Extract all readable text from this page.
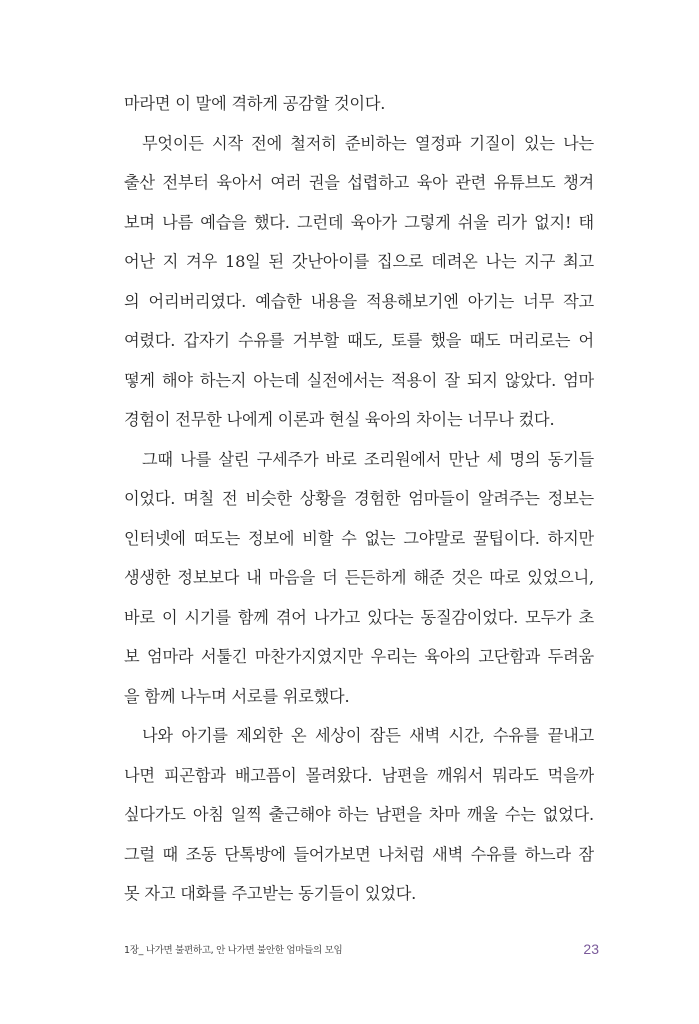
마라면 이 말에 격하게 공감할 것이다.
무엇이든 시작 전에 철저히 준비하는 열정파 기질이 있는 나는
출산 전부터 육아서 여러 권을 섭렵하고 육아 관련 유튜브도 챙겨
보며 나름 예습을 했다. 그런데 육아가 그렇게 쉬울 리가 없지! 태
어난 지 겨우 18일 된 갓난아이를 집으로 데려온 나는 지구 최고
의 어리버리였다. 예습한 내용을 적용해보기엔 아기는 너무 작고
여렸다. 갑자기 수유를 거부할 때도, 토를 했을 때도 머리로는 어
떻게 해야 하는지 아는데 실전에서는 적용이 잘 되지 않았다. 엄마
경험이 전무한 나에게 이론과 현실 육아의 차이는 너무나 컸다.
그때 나를 살린 구세주가 바로 조리원에서 만난 세 명의 동기들
이었다. 며칠 전 비슷한 상황을 경험한 엄마들이 알려주는 정보는
인터넷에 떠도는 정보에 비할 수 없는 그야말로 꿀팁이다. 하지만
생생한 정보보다 내 마음을 더 든든하게 해준 것은 따로 있었으니,
바로 이 시기를 함께 겪어 나가고 있다는 동질감이었다. 모두가 초
보 엄마라 서툴긴 마찬가지였지만 우리는 육아의 고단함과 두려움
을 함께 나누며 서로를 위로했다.
나와 아기를 제외한 온 세상이 잠든 새벽 시간, 수유를 끝내고
나면 피곤함과 배고픔이 몰려왔다. 남편을 깨워서 뭐라도 먹을까
싶다가도 아침 일찍 출근해야 하는 남편을 차마 깨울 수는 없었다.
그럴 때 조동 단톡방에 들어가보면 나처럼 새벽 수유를 하느라 잠
못 자고 대화를 주고받는 동기들이 있었다.
1장_ 나가면 불편하고, 안 나가면 불안한 엄마들의 모임	23
